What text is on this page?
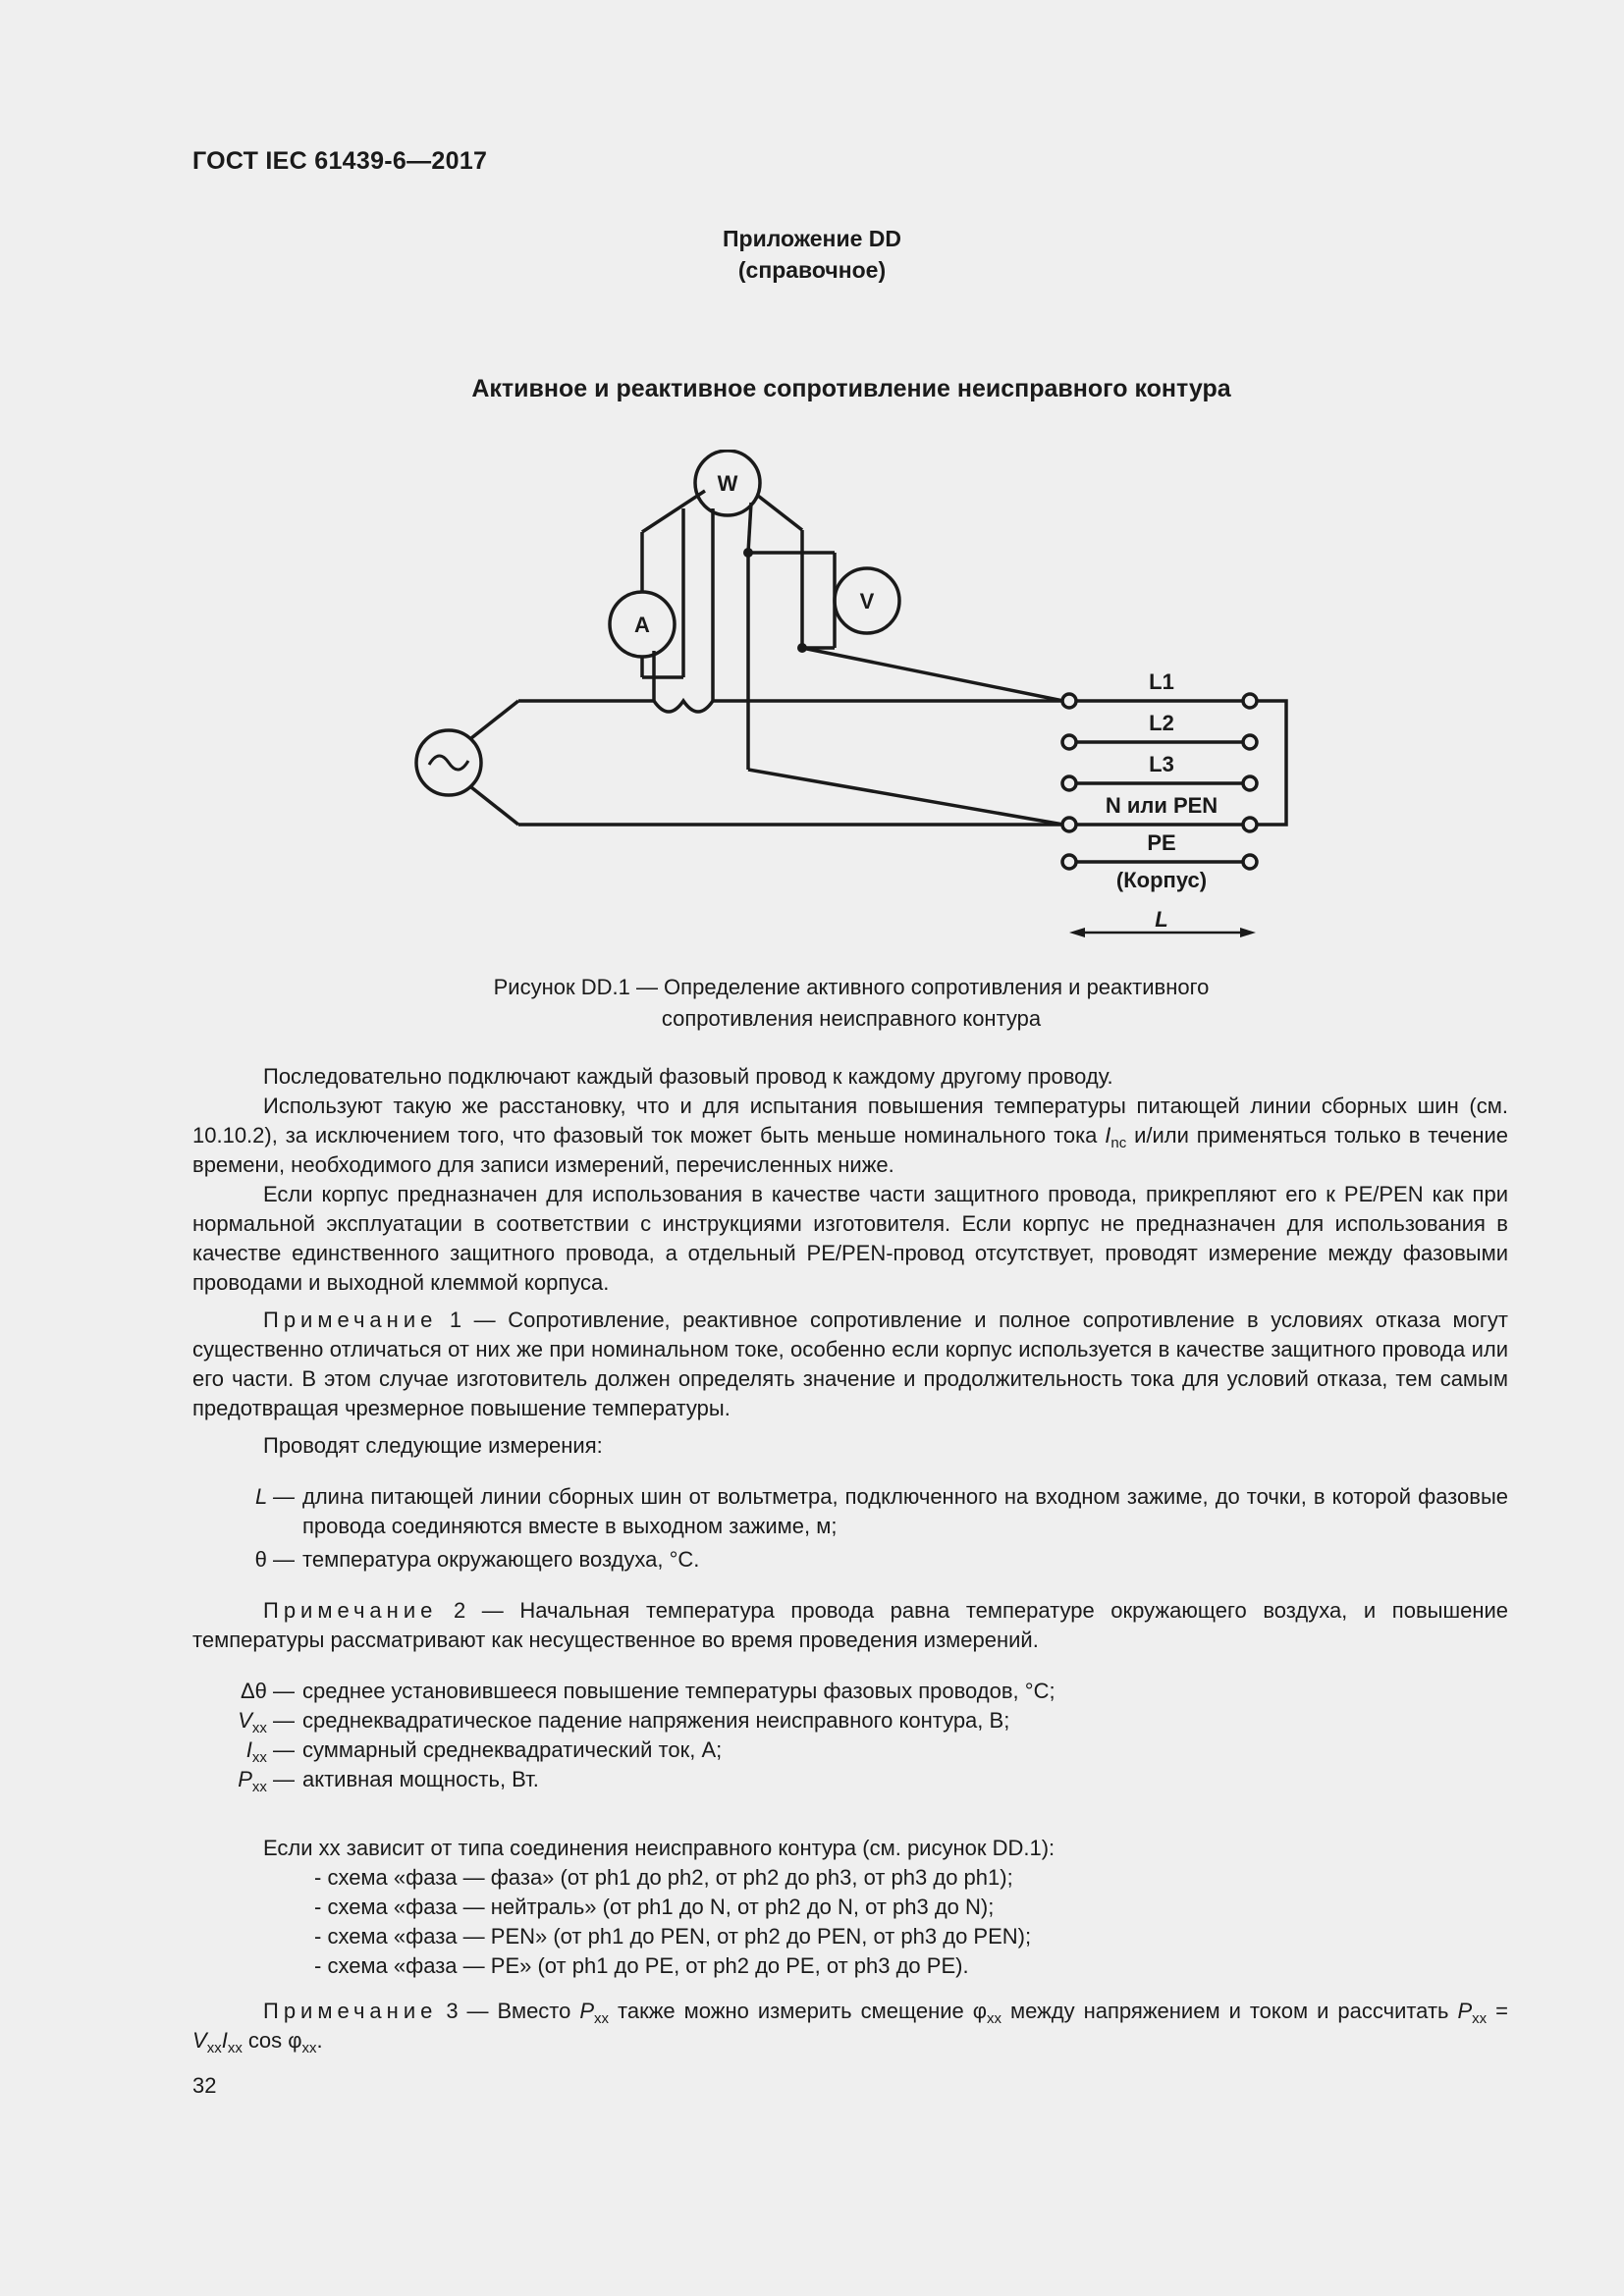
ГОСТ IEC 61439-6—2017
Приложение DD
(справочное)
Активное и реактивное сопротивление неисправного контура
W
A
V
L1
L2
L3
N или PEN
PE
(Корпус)
L
Рисунок DD.1 — Определение активного сопротивления и реактивного
сопротивления неисправного контура

Последовательно подключают каждый фазовый провод к каждому другому проводу.

Используют такую же расстановку, что и для испытания повышения температуры питающей линии сборных шин (см. 10.10.2), за исключением того, что фазовый ток может быть меньше номинального тока $I_{nc}$ и/или применяться только в течение времени, необходимого для записи измерений, перечисленных ниже.

Если корпус предназначен для использования в качестве части защитного провода, прикрепляют его к PE/PEN как при нормальной эксплуатации в соответствии с инструкциями изготовителя. Если корпус не предназначен для использования в качестве единственного защитного провода, а отдельный PE/PEN-провод отсутствует, проводят измерение между фазовыми проводами и выходной клеммой корпуса.

Примечание 1 — Сопротивление, реактивное сопротивление и полное сопротивление в условиях отказа могут существенно отличаться от них же при номинальном токе, особенно если корпус используется в качестве защитного провода или его части. В этом случае изготовитель должен определять значение и продолжительность тока для условий отказа, тем самым предотвращая чрезмерное повышение температуры.

Проводят следующие измерения:

L — длина питающей линии сборных шин от вольтметра, подключенного на входном зажиме, до точки, в которой фазовые провода соединяются вместе в выходном зажиме, м;
θ — температура окружающего воздуха, °С.

Примечание 2 — Начальная температура провода равна температуре окружающего воздуха, и повышение температуры рассматривают как несущественное во время проведения измерений.

Δθ — среднее установившееся повышение температуры фазовых проводов, °С;
$V_{xx}$ — среднеквадратическое падение напряжения неисправного контура, В;
$I_{xx}$ — суммарный среднеквадратический ток, А;
$P_{xx}$ — активная мощность, Вт.

Если хх зависит от типа соединения неисправного контура (см. рисунок DD.1):

- схема «фаза — фаза» (от ph1 до ph2, от ph2 до ph3, от ph3 до ph1);
- схема «фаза — нейтраль» (от ph1 до N, от ph2 до N, от ph3 до N);
- схема «фаза — PEN» (от ph1 до PEN, от ph2 до PEN, от ph3 до PEN);
- схема «фаза — PE» (от ph1 до PE, от ph2 до PE, от ph3 до PE).

Примечание 3 — Вместо $P_{xx}$ также можно измерить смещение $\varphi_{xx}$ между напряжением и током и рассчитать $P_{xx} = V_{xx}I_{xx}$ $\cos \varphi_{xx}$.

32
